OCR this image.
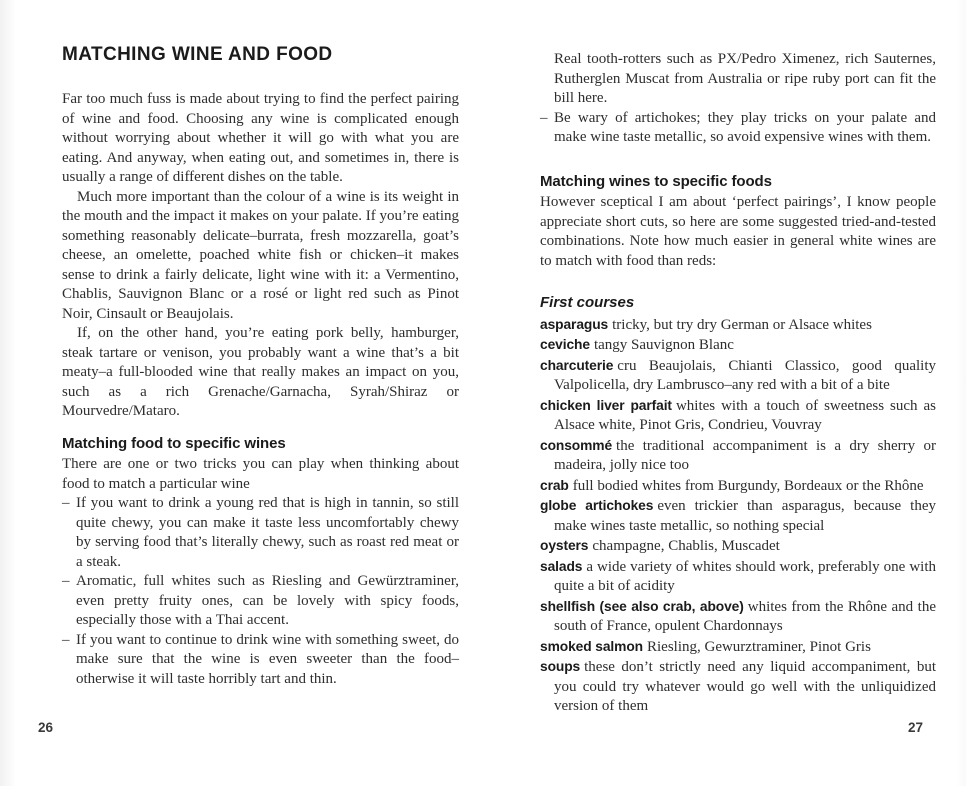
MATCHING WINE AND FOOD

Far too much fuss is made about trying to find the perfect pairing of wine and food. Choosing any wine is complicated enough without worrying about whether it will go with what you are eating. And anyway, when eating out, and sometimes in, there is usually a range of different dishes on the table.

Much more important than the colour of a wine is its weight in the mouth and the impact it makes on your palate. If you’re eating something reasonably delicate–burrata, fresh mozzarella, goat’s cheese, an omelette, poached white fish or chicken–it makes sense to drink a fairly delicate, light wine with it: a Vermentino, Chablis, Sauvignon Blanc or a rosé or light red such as Pinot Noir, Cinsault or Beaujolais.

If, on the other hand, you’re eating pork belly, hamburger, steak tartare or venison, you probably want a wine that’s a bit meaty–a full-blooded wine that really makes an impact on you, such as a rich Grenache/Garnacha, Syrah/Shiraz or Mourvedre/Mataro.

Matching food to specific wines

There are one or two tricks you can play when thinking about food to match a particular wine

– If you want to drink a young red that is high in tannin, so still quite chewy, you can make it taste less uncomfortably chewy by serving food that’s literally chewy, such as roast red meat or a steak.
– Aromatic, full whites such as Riesling and Gewürztraminer, even pretty fruity ones, can be lovely with spicy foods, especially those with a Thai accent.
– If you want to continue to drink wine with something sweet, do make sure that the wine is even sweeter than the food–otherwise it will taste horribly tart and thin.

Real tooth-rotters such as PX/Pedro Ximenez, rich Sauternes, Rutherglen Muscat from Australia or ripe ruby port can fit the bill here.

– Be wary of artichokes; they play tricks on your palate and make wine taste metallic, so avoid expensive wines with them.
Matching wines to specific foods

However sceptical I am about ‘perfect pairings’, I know people appreciate short cuts, so here are some suggested tried-and-tested combinations. Note how much easier in general white wines are to match with food than reds:

First courses

asparagus tricky, but try dry German or Alsace whites

ceviche tangy Sauvignon Blanc

charcuterie cru Beaujolais, Chianti Classico, good quality Valpolicella, dry Lambrusco–any red with a bit of a bite

chicken liver parfait whites with a touch of sweetness such as Alsace white, Pinot Gris, Condrieu, Vouvray

consommé the traditional accompaniment is a dry sherry or madeira, jolly nice too

crab full bodied whites from Burgundy, Bordeaux or the Rhône

globe artichokes even trickier than asparagus, because they make wines taste metallic, so nothing special

oysters champagne, Chablis, Muscadet

salads a wide variety of whites should work, preferably one with quite a bit of acidity

shellfish (see also crab, above) whites from the Rhône and the south of France, opulent Chardonnays

smoked salmon Riesling, Gewurztraminer, Pinot Gris

soups these don’t strictly need any liquid accompaniment, but you could try whatever would go well with the unliquidized version of them

26	27
